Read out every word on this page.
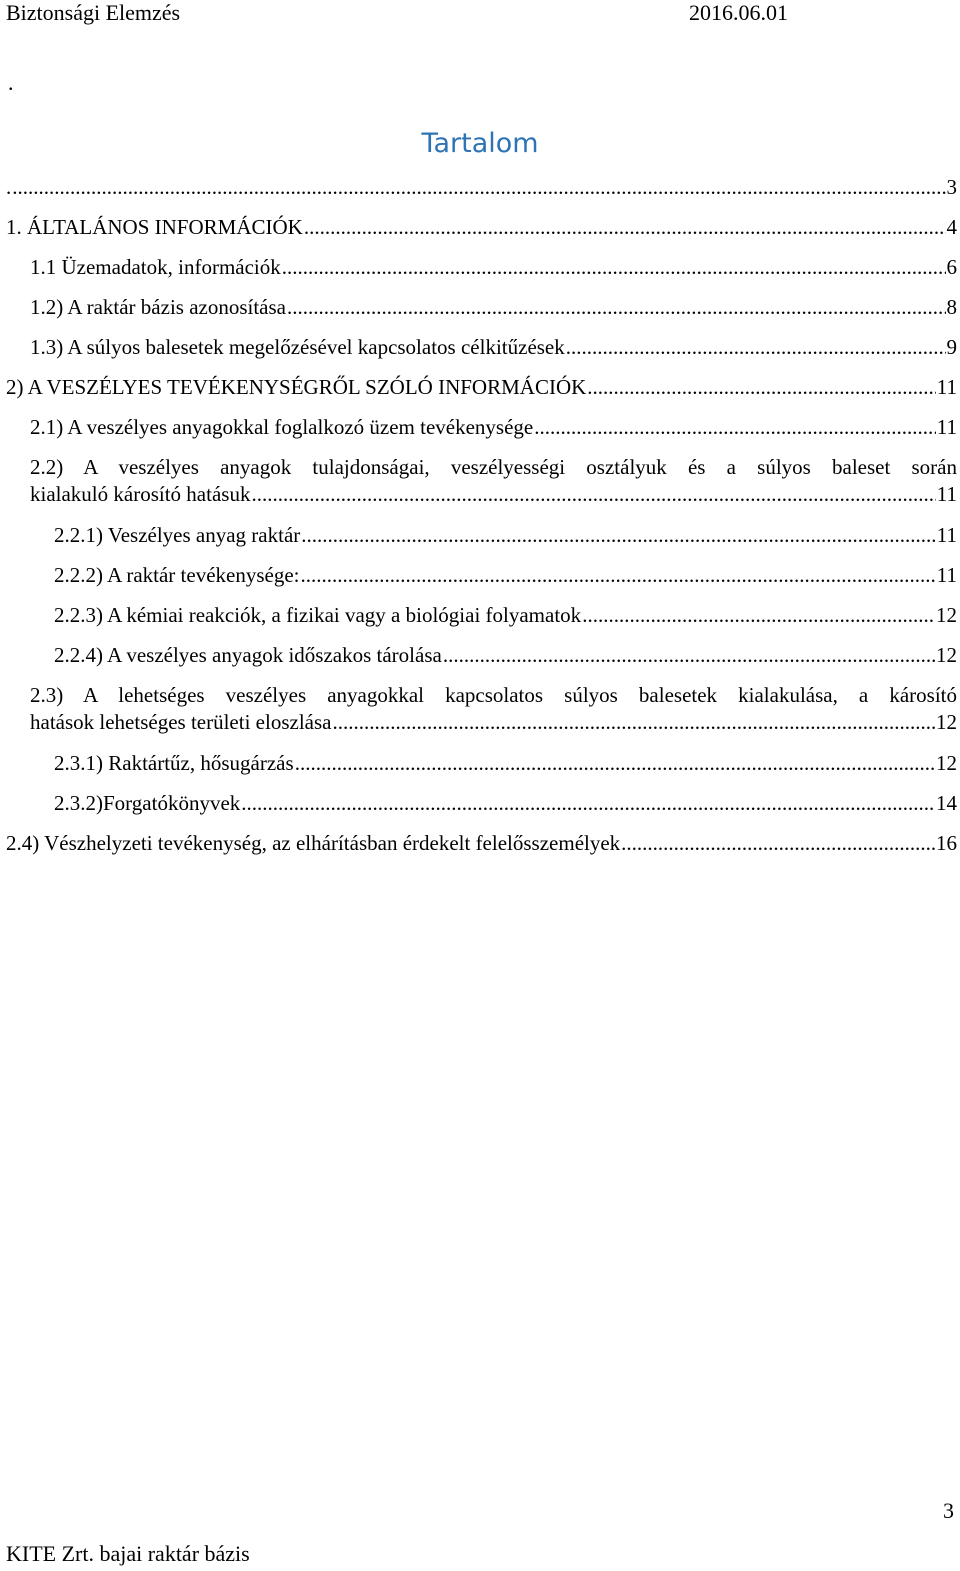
Biztonsági Elemzés	2016.06.01
.
Tartalom
. .....	3
1. ÁLTALÁNOS INFORMÁCIÓK .....	4
1.1 Üzemadatok, információk .....	6
1.2) A raktár bázis azonosítása .....	8
1.3) A súlyos balesetek megelőzésével kapcsolatos célkitűzések .....	9
2) A VESZÉLYES TEVÉKENYSÉGRŐL SZÓLÓ INFORMÁCIÓK .....	11
2.1) A veszélyes anyagokkal foglalkozó üzem tevékenysége .....	11
2.2) A veszélyes anyagok tulajdonságai, veszélyességi osztályuk és a súlyos baleset során
kialakuló károsító hatásuk .....	11
2.2.1) Veszélyes anyag raktár .....	11
2.2.2) A raktár tevékenysége: .....	11
2.2.3) A kémiai reakciók, a fizikai vagy a biológiai folyamatok .....	12
2.2.4) A veszélyes anyagok időszakos tárolása .....	12
2.3) A lehetséges veszélyes anyagokkal kapcsolatos súlyos balesetek kialakulása, a károsító
hatások lehetséges területi eloszlása .....	12
2.3.1) Raktártűz, hősugárzás .....	12
2.3.2)Forgatókönyvek .....	14
2.4) Vészhelyzeti tevékenység, az elhárításban érdekelt felelősszemélyek .....	16
3
KITE Zrt. bajai raktár bázis
